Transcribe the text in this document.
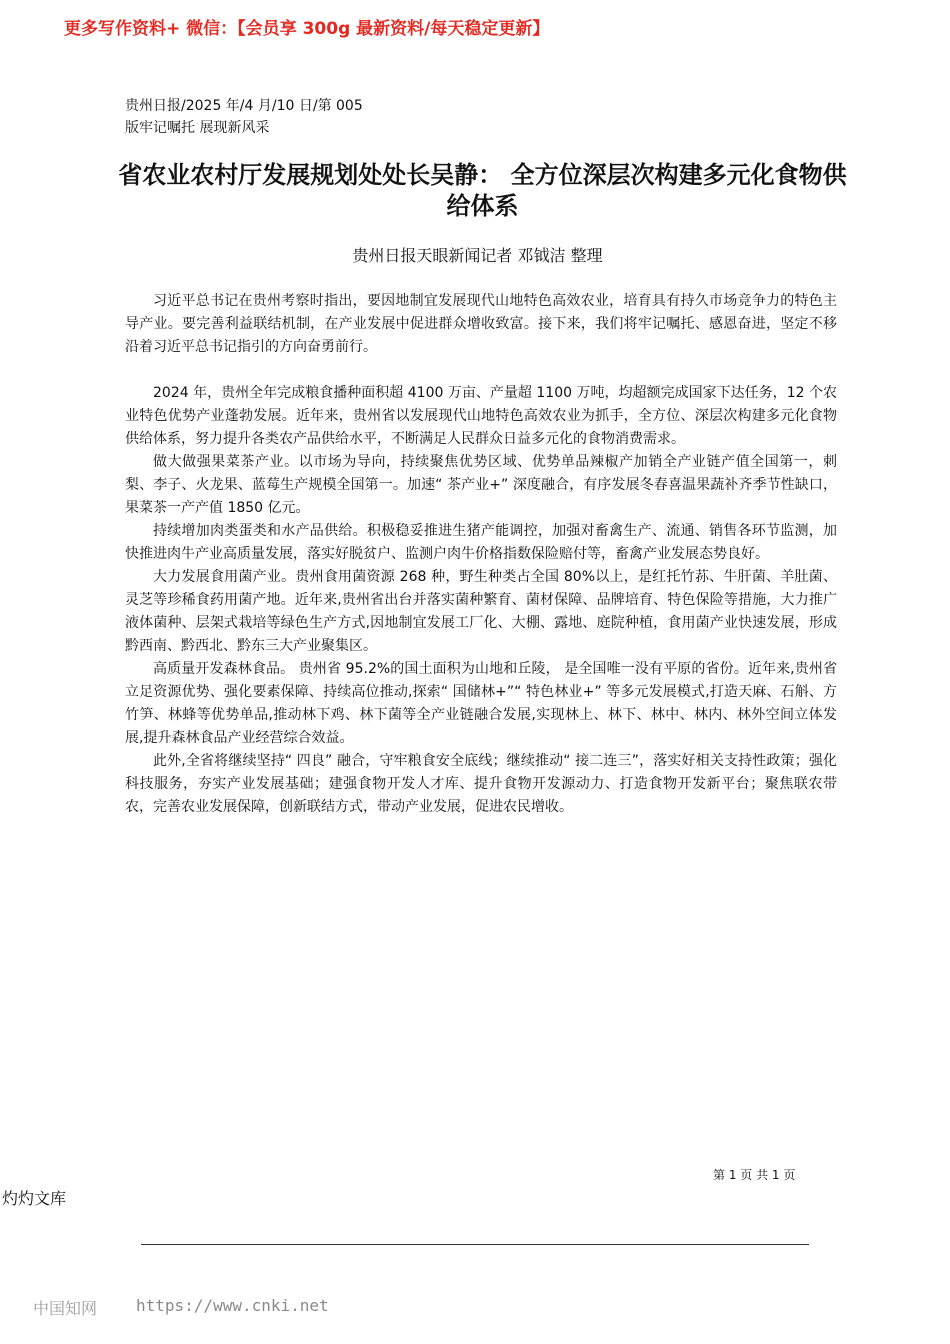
更多写作资料+ 微信：【会员享 300g 最新资料/每天稳定更新】
贵州日报/2025 年/4 月/10 日/第 005
版牢记嘱托 展现新风采
省农业农村厅发展规划处处长吴静： 全方位深层次构建多元化食物供给体系
贵州日报天眼新闻记者 邓钺洁 整理

习近平总书记在贵州考察时指出，要因地制宜发展现代山地特色高效农业，培育具有持久市场竞争力的特色主导产业。要完善利益联结机制，在产业发展中促进群众增收致富。接下来，我们将牢记嘱托、感恩奋进，坚定不移沿着习近平总书记指引的方向奋勇前行。

2024 年，贵州全年完成粮食播种面积超 4100 万亩、产量超 1100 万吨，均超额完成国家下达任务，12 个农业特色优势产业蓬勃发展。近年来，贵州省以发展现代山地特色高效农业为抓手，全方位、深层次构建多元化食物供给体系，努力提升各类农产品供给水平，不断满足人民群众日益多元化的食物消费需求。

做大做强果菜茶产业。以市场为导向，持续聚焦优势区域、优势单品辣椒产加销全产业链产值全国第一，刺梨、李子、火龙果、蓝莓生产规模全国第一。加速“ 茶产业+” 深度融合，有序发展冬春喜温果蔬补齐季节性缺口，果菜茶一产产值 1850 亿元。

持续增加肉类蛋类和水产品供给。积极稳妥推进生猪产能调控，加强对畜禽生产、流通、销售各环节监测，加快推进肉牛产业高质量发展，落实好脱贫户、监测户肉牛价格指数保险赔付等，畜禽产业发展态势良好。

大力发展食用菌产业。贵州食用菌资源 268 种，野生种类占全国 80%以上，是红托竹荪、牛肝菌、羊肚菌、灵芝等珍稀食药用菌产地。近年来,贵州省出台并落实菌种繁育、菌材保障、品牌培育、特色保险等措施，大力推广液体菌种、层架式栽培等绿色生产方式,因地制宜发展工厂化、大棚、露地、庭院种植，食用菌产业快速发展，形成黔西南、黔西北、黔东三大产业聚集区。

高质量开发森林食品。 贵州省 95.2%的国土面积为山地和丘陵， 是全国唯一没有平原的省份。近年来,贵州省立足资源优势、强化要素保障、持续高位推动,探索“ 国储林+”“ 特色林业+” 等多元发展模式,打造天麻、石斛、方竹笋、林蜂等优势单品,推动林下鸡、林下菌等全产业链融合发展,实现林上、林下、林中、林内、林外空间立体发展,提升森林食品产业经营综合效益。

此外,全省将继续坚持“ 四良” 融合，守牢粮食安全底线；继续推动“ 接二连三”，落实好相关支持性政策；强化科技服务，夯实产业发展基础；建强食物开发人才库、提升食物开发源动力、打造食物开发新平台；聚焦联农带农，完善农业发展保障，创新联结方式，带动产业发展，促进农民增收。

第 1 页 共 1 页
灼灼文库
中国知网 https://www.cnki.net
